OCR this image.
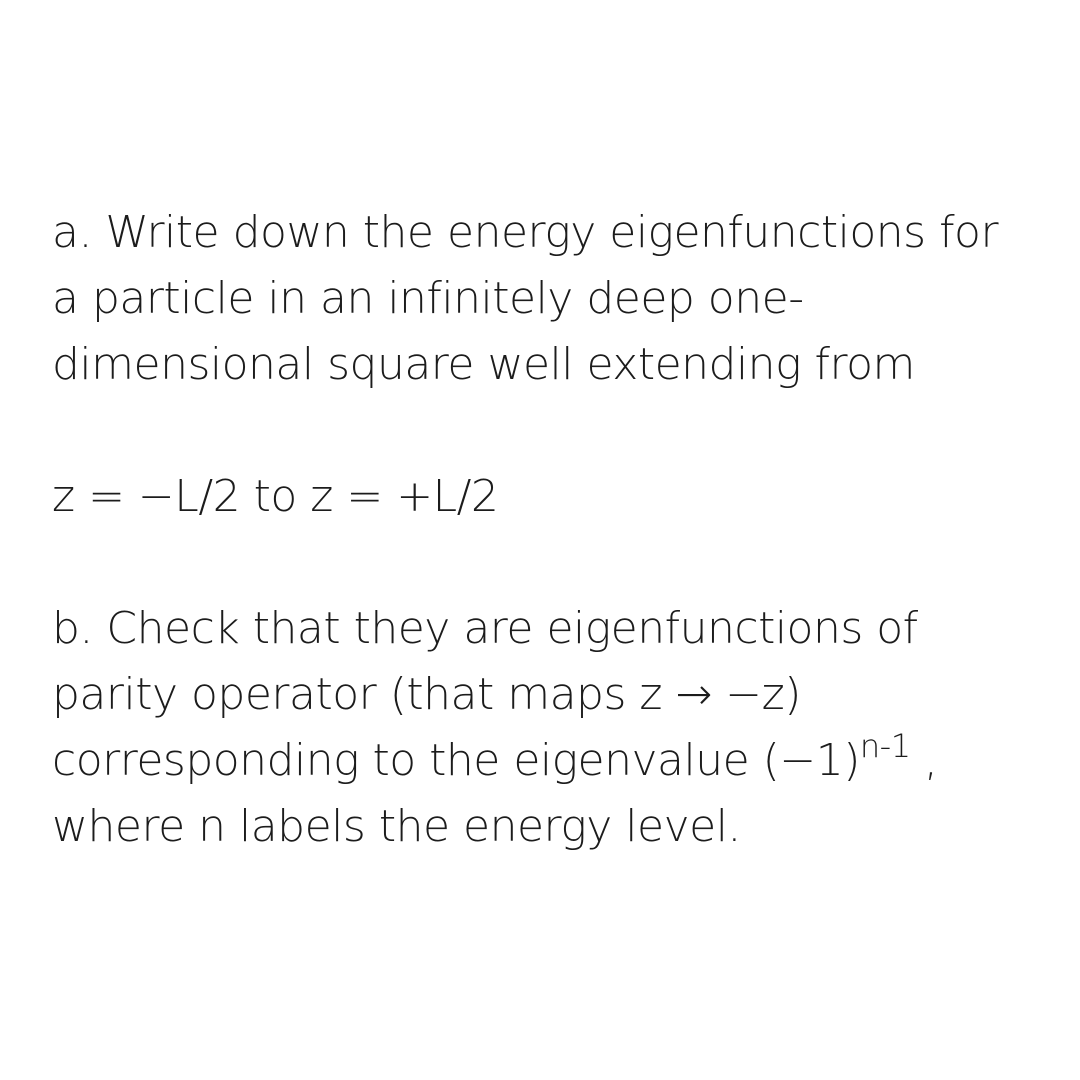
a. Write down the energy eigenfunctions for
a particle in an infinitely deep one-
dimensional square well extending from
z = −L/2 to z = +L/2
b. Check that they are eigenfunctions of
parity operator (that maps z → −z)
corresponding to the eigenvalue $(-1)^{n-1}$ ,
where n labels the energy level.
